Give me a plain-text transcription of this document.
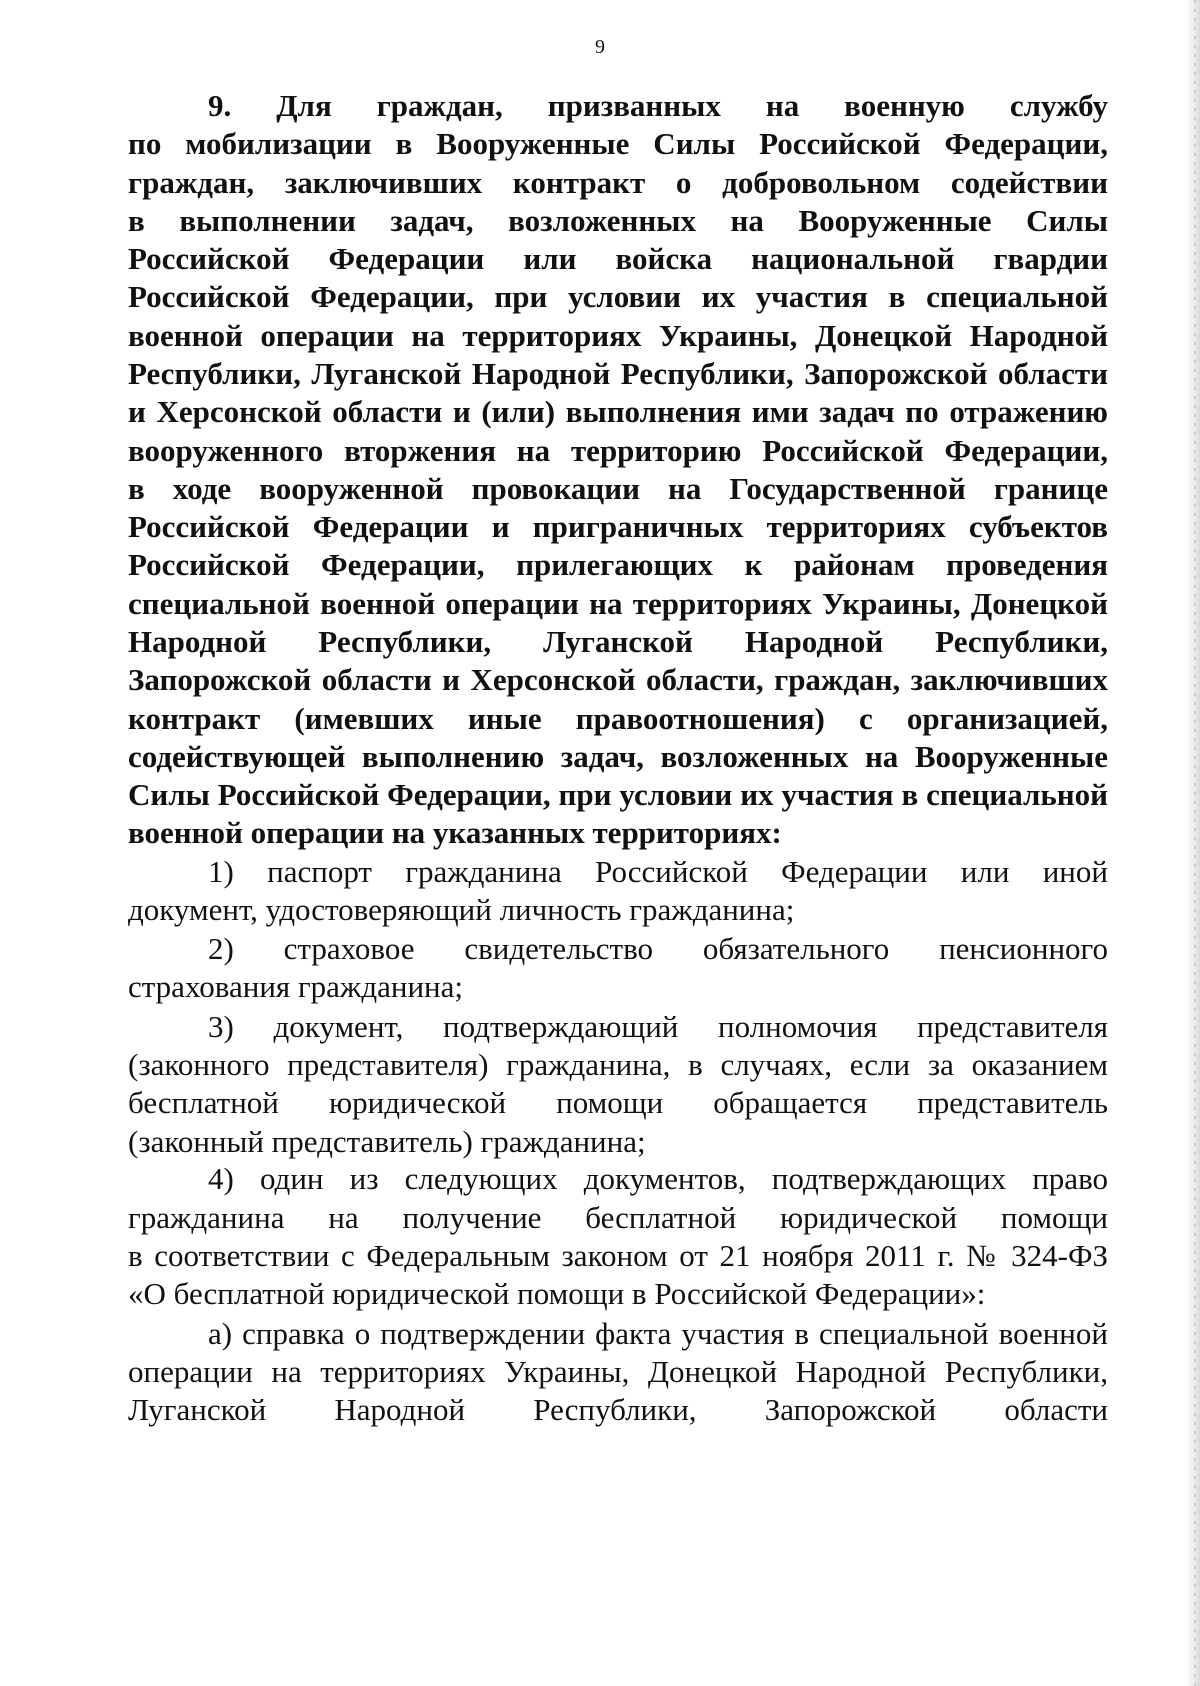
9
9. Для граждан, призванных на военную службу
по мобилизации в Вооруженные Силы Российской Федерации,
граждан, заключивших контракт о добровольном содействии
в выполнении задач, возложенных на Вооруженные Силы
Российской Федерации или войска национальной гвардии
Российской Федерации, при условии их участия в специальной
военной операции на территориях Украины, Донецкой Народной
Республики, Луганской Народной Республики, Запорожской области
и Херсонской области и (или) выполнения ими задач по отражению
вооруженного вторжения на территорию Российской Федерации,
в ходе вооруженной провокации на Государственной границе
Российской Федерации и приграничных территориях субъектов
Российской Федерации, прилегающих к районам проведения
специальной военной операции на территориях Украины, Донецкой
Народной Республики, Луганской Народной Республики,
Запорожской области и Херсонской области, граждан, заключивших
контракт (имевших иные правоотношения) с организацией,
содействующей выполнению задач, возложенных на Вооруженные
Силы Российской Федерации, при условии их участия в специальной
военной операции на указанных территориях:
1) паспорт гражданина Российской Федерации или иной
документ, удостоверяющий личность гражданина;
2) страховое свидетельство обязательного пенсионного
страхования гражданина;
3) документ, подтверждающий полномочия представителя
(законного представителя) гражданина, в случаях, если за оказанием
бесплатной юридической помощи обращается представитель
(законный представитель) гражданина;
4) один из следующих документов, подтверждающих право
гражданина на получение бесплатной юридической помощи
в соответствии с Федеральным законом от 21 ноября 2011 г. № 324-ФЗ
«О бесплатной юридической помощи в Российской Федерации»:
а) справка о подтверждении факта участия в специальной военной
операции на территориях Украины, Донецкой Народной Республики,
Луганской Народной Республики, Запорожской области
